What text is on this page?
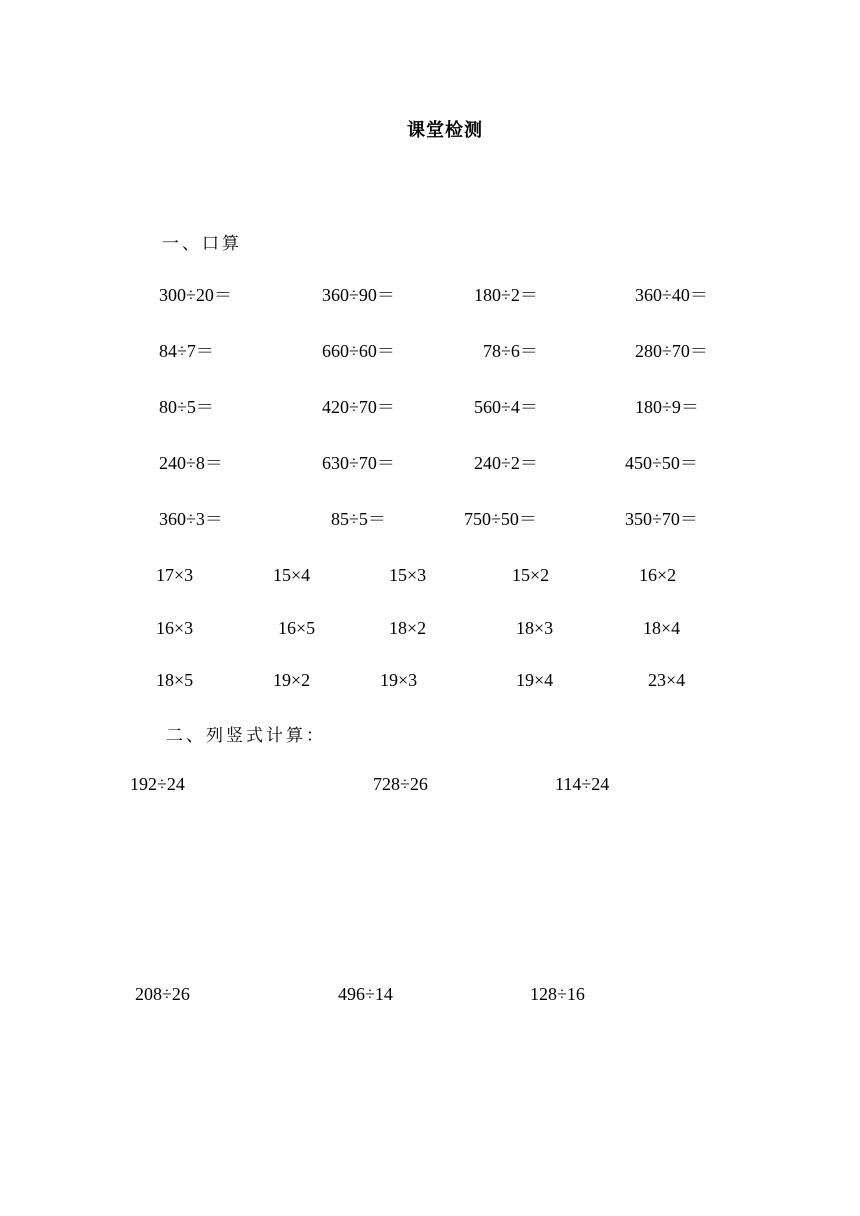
课堂检测
一、口算
300÷20＝	360÷90＝	180÷2＝	360÷40＝
84÷7＝	660÷60＝	78÷6＝	280÷70＝
80÷5＝	420÷70＝	560÷4＝	180÷9＝
240÷8＝	630÷70＝	240÷2＝	450÷50＝
360÷3＝	85÷5＝	750÷50＝	350÷70＝
17×3	15×4	15×3	15×2	16×2
16×3	16×5	18×2	18×3	18×4
18×5	19×2	19×3	19×4	23×4
二、列竖式计算：
192÷24	728÷26	114÷24
208÷26	496÷14	128÷16
